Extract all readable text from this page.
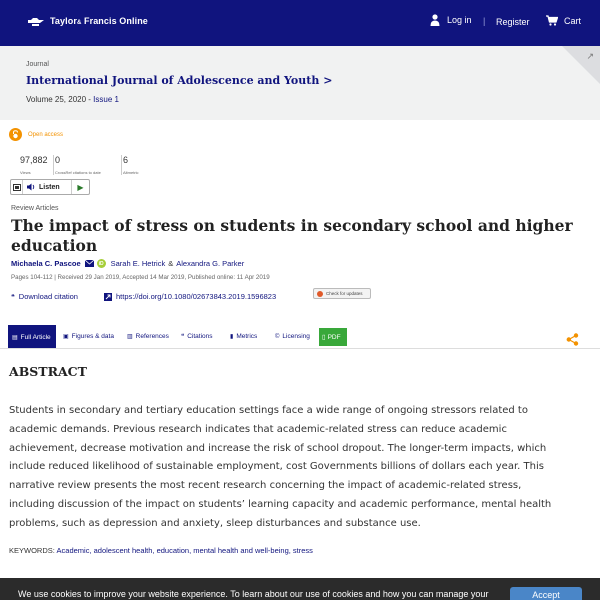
Taylor& Francis Online	Log in | Register	Cart
Journal
International Journal of Adolescence and Youth >
Volume 25, 2020 - Issue 1
↗
Open access
97,882
Views
0
CrossRef citations to date
6
Altmetric
Listen	▶
Review Articles
The impact of stress on students in secondary school and higher education
Michaela C. Pascoe	iD Sarah E. Hetrick & Alexandra G. Parker
Pages 104-112 | Received 29 Jan 2019, Accepted 14 Mar 2019, Published online: 11 Apr 2019
❝ Download citation	https://doi.org/10.1080/02673843.2019.1596823	Check for updates
▤ Full Article ▣ Figures & data ▥ References ❝ Citations	▮ Metrics	© Licensing ▯ PDF
ABSTRACT

Students in secondary and tertiary education settings face a wide range of ongoing stressors related to academic demands. Previous research indicates that academic-related stress can reduce academic achievement, decrease motivation and increase the risk of school dropout. The longer-term impacts, which include reduced likelihood of sustainable employment, cost Governments billions of dollars each year. This narrative review presents the most recent research concerning the impact of academic-related stress, including discussion of the impact on students’ learning capacity and academic performance, mental health problems, such as depression and anxiety, sleep disturbances and substance use.

KEYWORDS: Academic, adolescent health, education, mental health and well-being, stress
We use cookies to improve your website experience. To learn about our use of cookies and how you can manage your	Accept
